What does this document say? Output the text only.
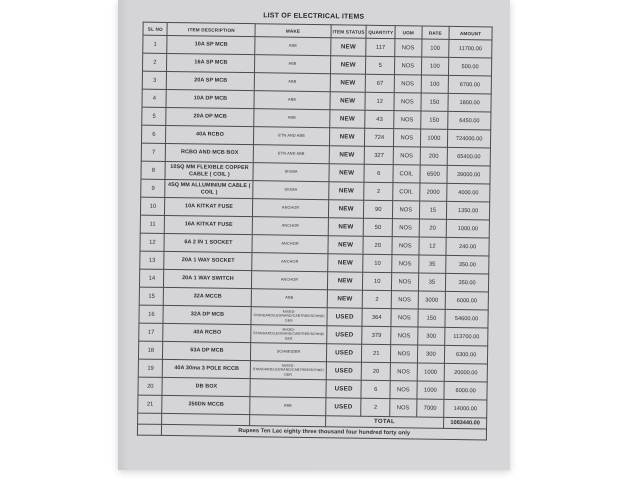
LIST OF ELECTRICAL ITEMS
SL NO	ITEM DESCRIPTION	MAKE	ITEM STATUS	QUANTITY	UOM	RATE	AMOUNT
1	10A SP MCB	ABB	NEW	117	NOS	100	11700.00
2	16A SP MCB	ABB	NEW	5	NOS	100	500.00
3	20A SP MCB	ABB	NEW	67	NOS	100	6700.00
4	10A DP MCB	ABB	NEW	12	NOS	150	1800.00
5	20A DP MCB	ABB	NEW	43	NOS	150	6450.00
6	40A RCBO	ETN AND ABB	NEW	724	NOS	1000	724000.00
7	RCBO AND MCB BOX	ETN AND ABB	NEW	327	NOS	200	65400.00
8	10SQ MM FLEXIBLE COPPER CABLE ( COIL )	SIGMA	NEW	6	COIL	6500	39000.00
9	4SQ MM ALLUMINIUM CABLE ( COIL )	SIGMA	NEW	2	COIL	2000	4000.00
10	10A KITKAT FUSE	ANCHOR	NEW	90	NOS	15	1350.00
11	16A KITKAT FUSE	ANCHOR	NEW	50	NOS	20	1000.00
12	6A 2 IN 1 SOCKET	ANCHOR	NEW	20	NOS	12	240.00
13	20A 1 WAY SOCKET	ANCHOR	NEW	10	NOS	35	350.00
14	20A 1 WAY SWITCH	ANCHOR	NEW	10	NOS	35	350.00
15	32A MCCB	ABB	NEW	2	NOS	3000	6000.00
16	32A DP MCB	MIXED-STANDARD/LEGRAND/CABTREE/SCHNEIDER	USED	364	NOS	150	54600.00
17	40A RCBO	MIXED-STANDARD/LEGRAND/CABTREE/SCHNEIDER	USED	379	NOS	300	113700.00
18	63A DP MCB	SCHNEIDER	USED	21	NOS	300	6300.00
19	40A 30ma 3 POLE RCCB	MIXED-STANDARD/LEGRAND/CABTREE/SCHNEIDER	USED	20	NOS	1000	20000.00
20	DB BOX		USED	6	NOS	1000	6000.00
21	250DN MCCB	ABB	USED	2	NOS	7000	14000.00
			TOTAL				1083440.00
	Rupees Ten Lac eighty three thousand four hundred forty only						
